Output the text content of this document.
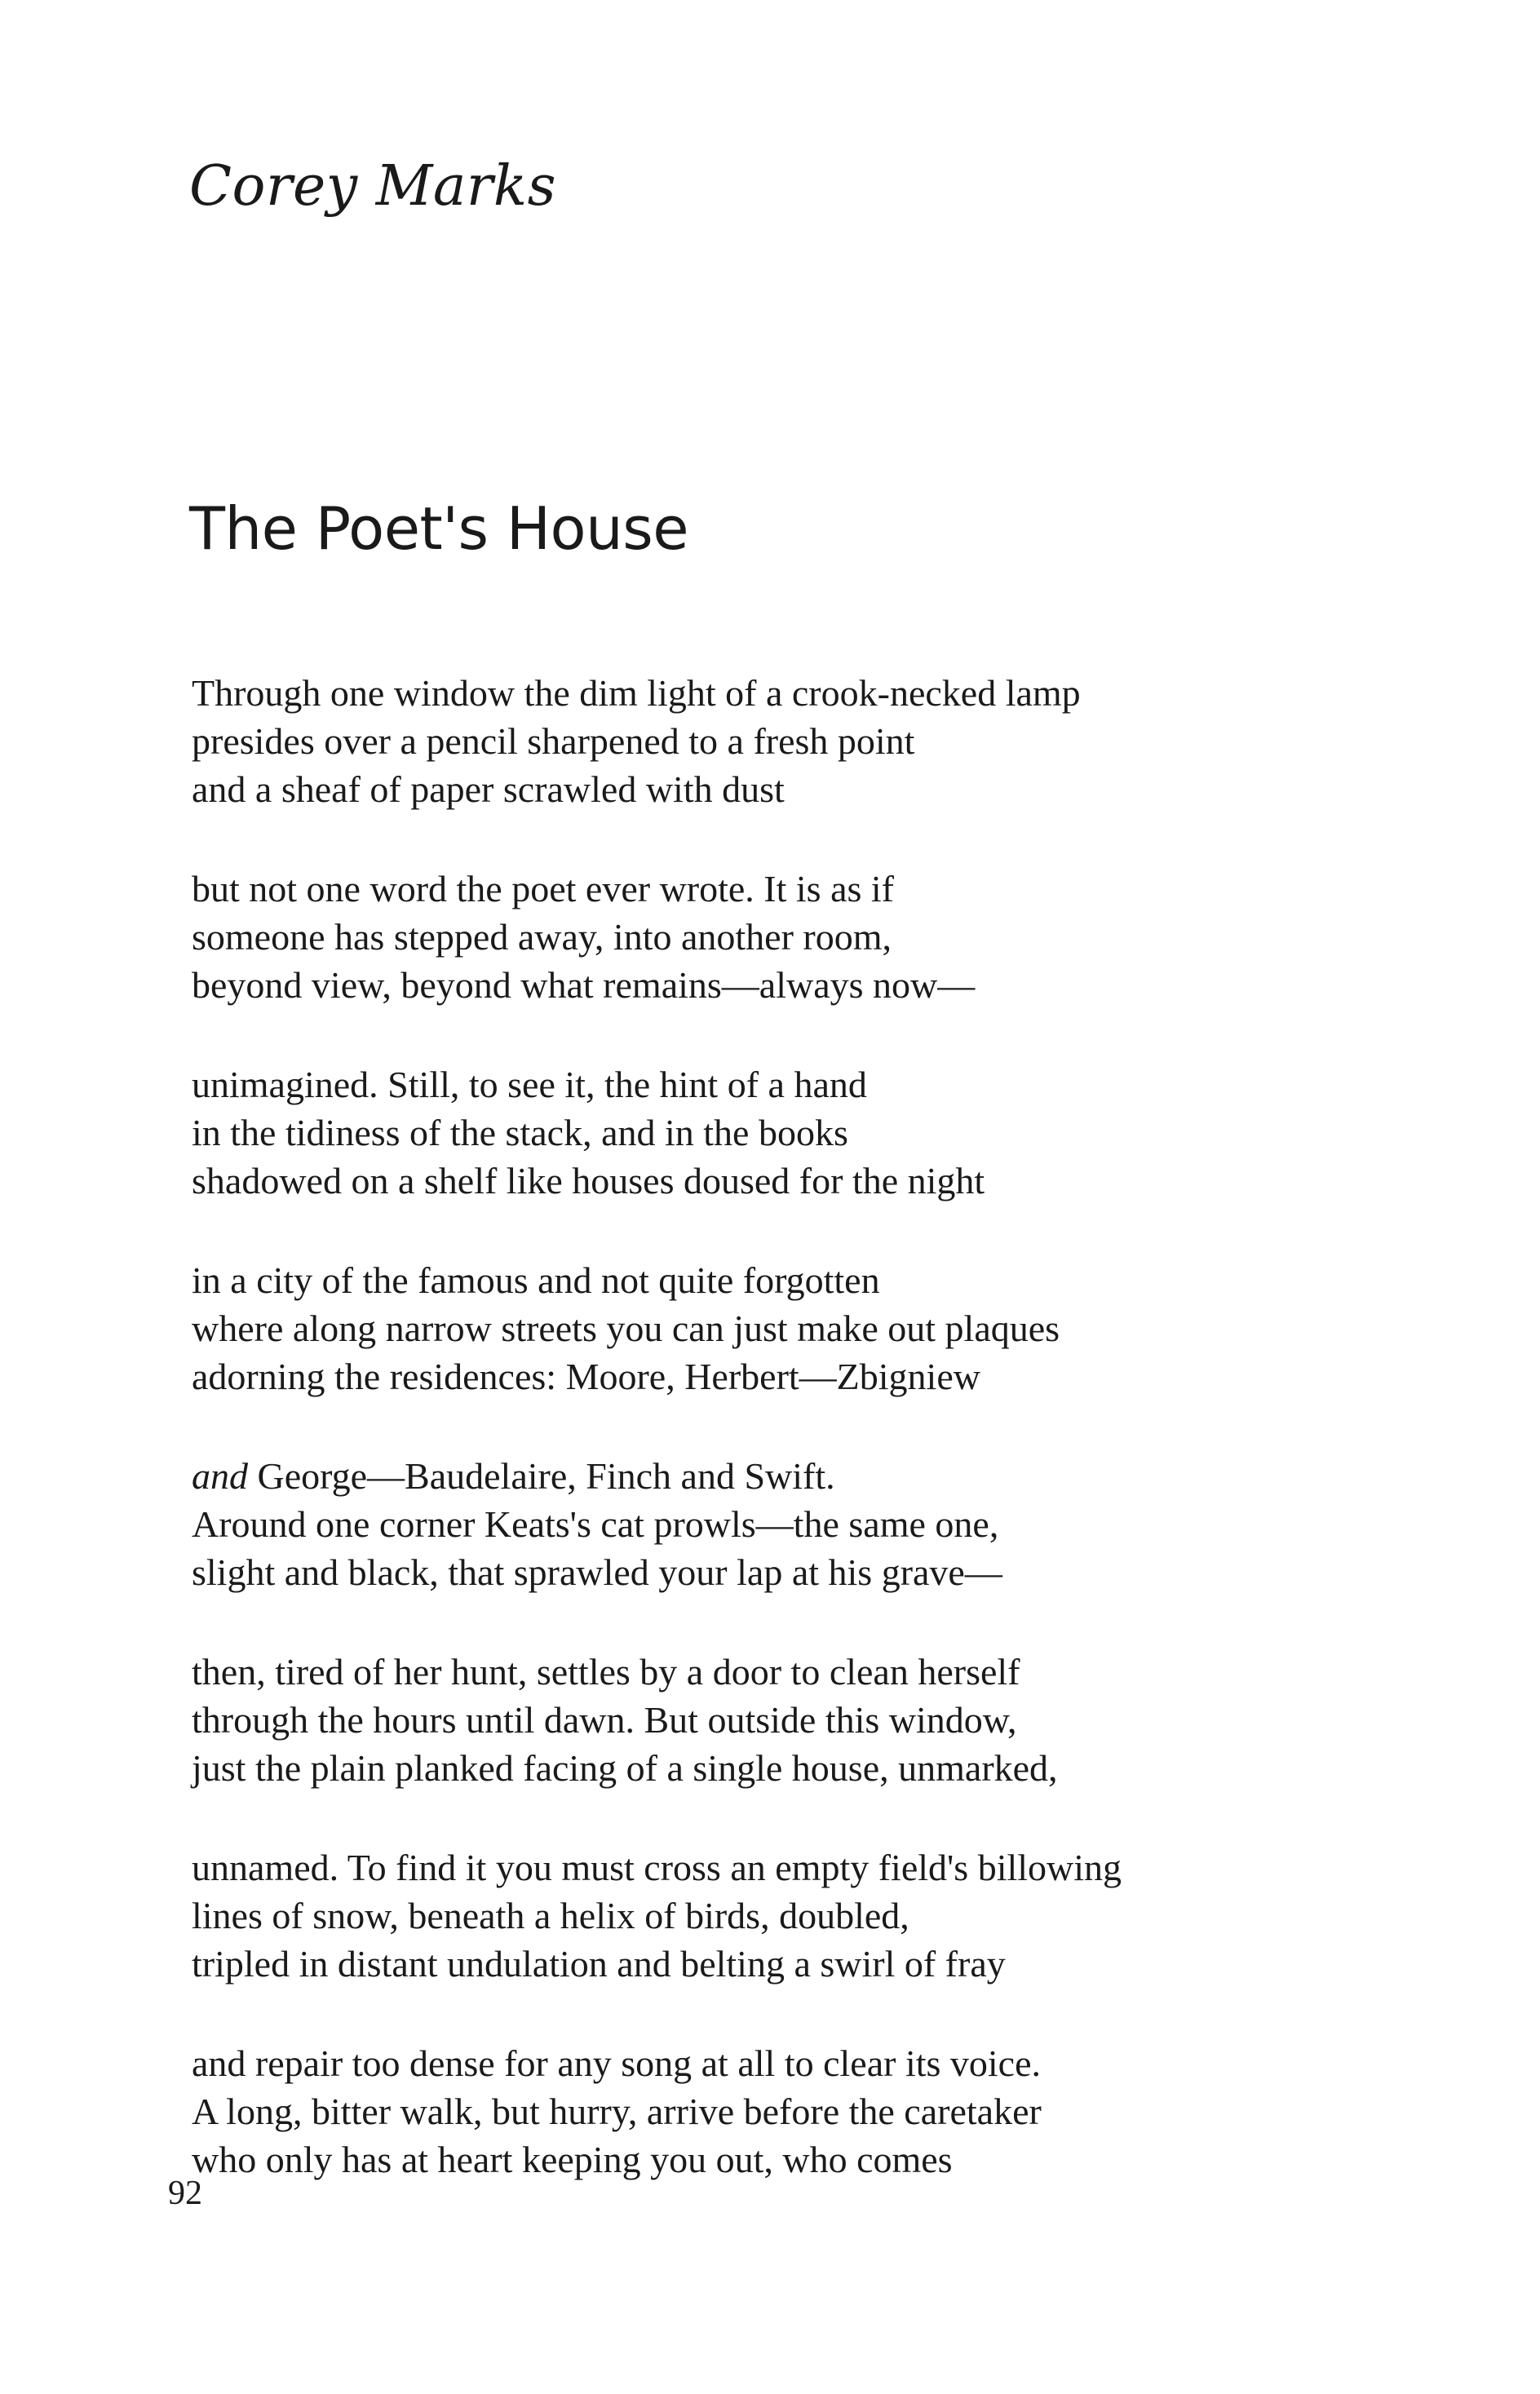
Corey Marks
The Poet's House

Through one window the dim light of a crook-necked lamp
presides over a pencil sharpened to a fresh point
and a sheaf of paper scrawled with dust

but not one word the poet ever wrote. It is as if
someone has stepped away, into another room,
beyond view, beyond what remains—always now—

unimagined. Still, to see it, the hint of a hand
in the tidiness of the stack, and in the books
shadowed on a shelf like houses doused for the night

in a city of the famous and not quite forgotten
where along narrow streets you can just make out plaques
adorning the residences: Moore, Herbert—Zbigniew

and George—Baudelaire, Finch and Swift.
Around one corner Keats's cat prowls—the same one,
slight and black, that sprawled your lap at his grave—

then, tired of her hunt, settles by a door to clean herself
through the hours until dawn. But outside this window,
just the plain planked facing of a single house, unmarked,

unnamed. To find it you must cross an empty field's billowing
lines of snow, beneath a helix of birds, doubled,
tripled in distant undulation and belting a swirl of fray

and repair too dense for any song at all to clear its voice.
A long, bitter walk, but hurry, arrive before the caretaker
who only has at heart keeping you out, who comes

92
